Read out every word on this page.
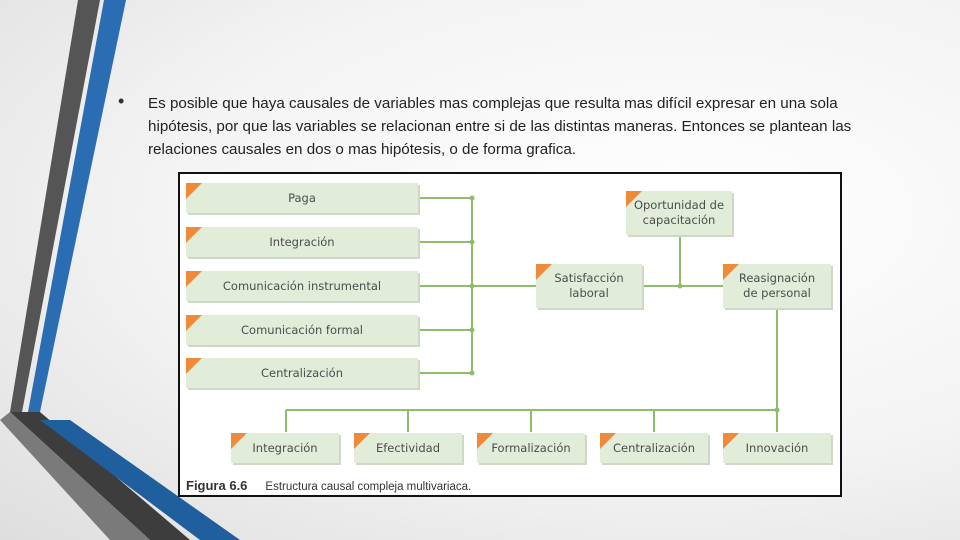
• Es posible que haya causales de variables mas complejas que resulta mas difícil expresar en una sola hipótesis, por que las variables se relacionan entre si de las distintas maneras. Entonces se plantean las relaciones causales en dos o mas hipótesis, o de forma grafica.
Paga
Integración
Comunicación instrumental
Comunicación formal
Centralización
Satisfacción laboral
Oportunidad de capacitación
Reasignación de personal
Integración	Efectividad	Formalización	Centralización	Innovación
Figura 6.6 Estructura causal compleja multivariaca.
